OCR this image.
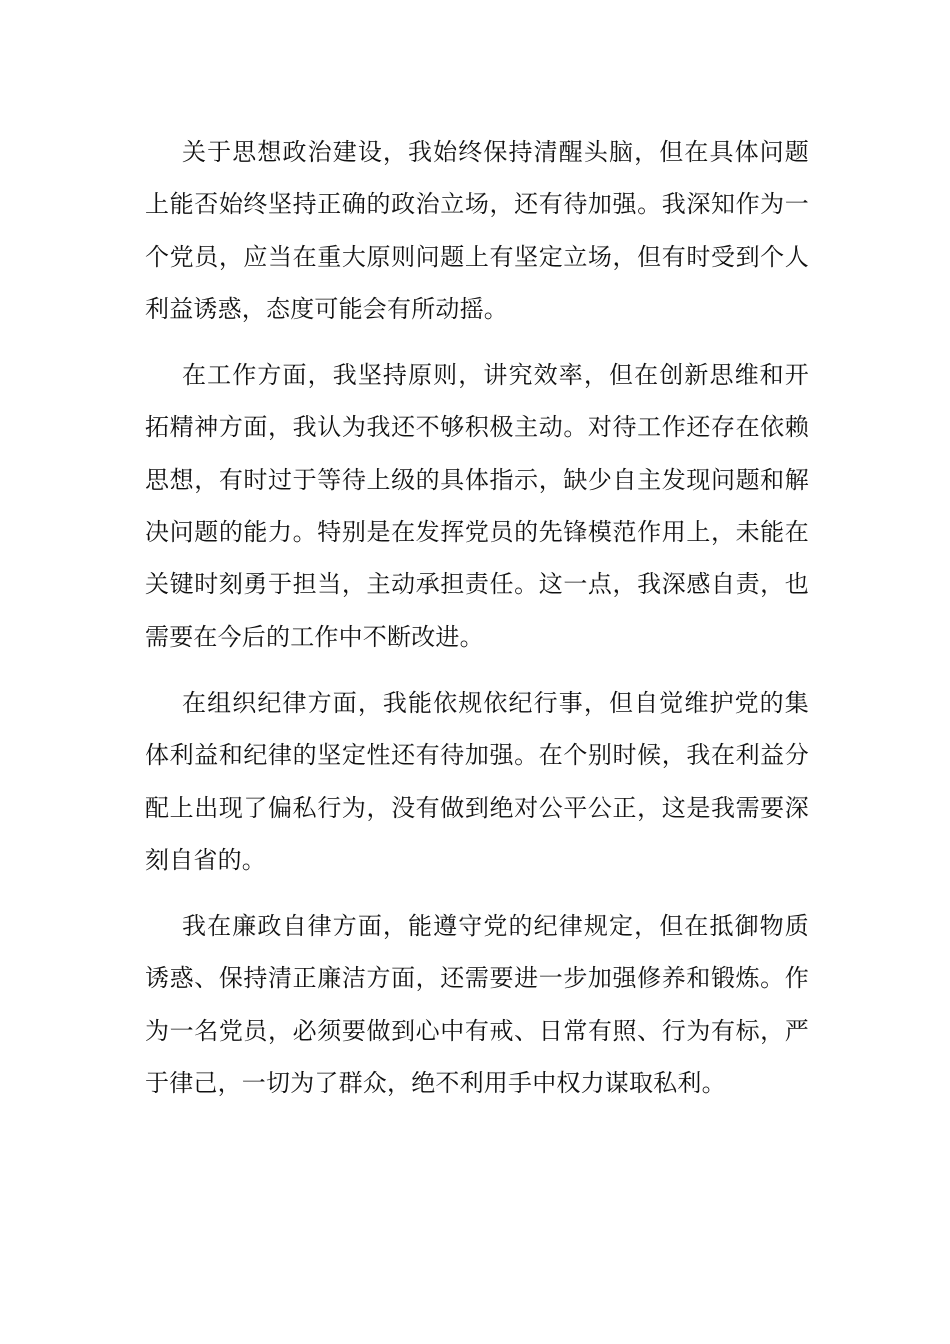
关于思想政治建设，我始终保持清醒头脑，但在具体问题上能否始终坚持正确的政治立场，还有待加强。我深知作为一个党员，应当在重大原则问题上有坚定立场，但有时受到个人利益诱惑，态度可能会有所动摇。

在工作方面，我坚持原则，讲究效率，但在创新思维和开拓精神方面，我认为我还不够积极主动。对待工作还存在依赖思想，有时过于等待上级的具体指示，缺少自主发现问题和解决问题的能力。特别是在发挥党员的先锋模范作用上，未能在关键时刻勇于担当，主动承担责任。这一点，我深感自责，也需要在今后的工作中不断改进。

在组织纪律方面，我能依规依纪行事，但自觉维护党的集体利益和纪律的坚定性还有待加强。在个别时候，我在利益分配上出现了偏私行为，没有做到绝对公平公正，这是我需要深刻自省的。

我在廉政自律方面，能遵守党的纪律规定，但在抵御物质诱惑、保持清正廉洁方面，还需要进一步加强修养和锻炼。作为一名党员，必须要做到心中有戒、日常有照、行为有标，严于律己，一切为了群众，绝不利用手中权力谋取私利。
